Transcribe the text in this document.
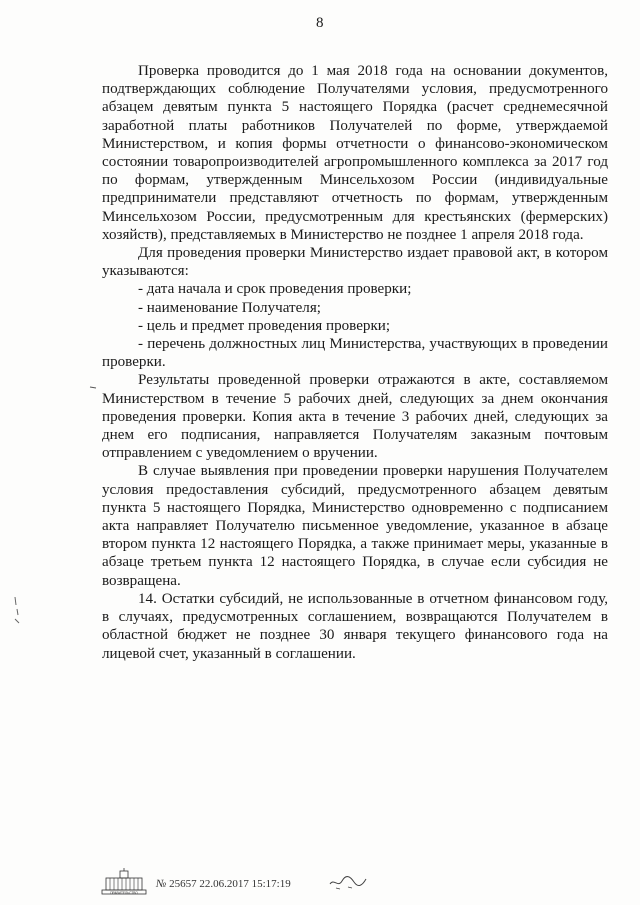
8

Проверка проводится до 1 мая 2018 года на основании документов, подтверждающих соблюдение Получателями условия, предусмотренного абзацем девятым пункта 5 настоящего Порядка (расчет среднемесячной заработной платы работников Получателей по форме, утверждаемой Министерством, и копия формы отчетности о финансово-экономическом состоянии товаропроизводителей агропромышленного комплекса за 2017 год по формам, утвержденным Минсельхозом России (индивидуальные предприниматели представляют отчетность по формам, утвержденным Минсельхозом России, предусмотренным для крестьянских (фермерских) хозяйств), представляемых в Министерство не позднее 1 апреля 2018 года.

Для проведения проверки Министерство издает правовой акт, в котором указываются:

- дата начала и срок проведения проверки;

- наименование Получателя;

- цель и предмет проведения проверки;

- перечень должностных лиц Министерства, участвующих в проведении проверки.

Результаты проведенной проверки отражаются в акте, составляемом Министерством в течение 5 рабочих дней, следующих за днем окончания проведения проверки. Копия акта в течение 3 рабочих дней, следующих за днем его подписания, направляется Получателям заказным почтовым отправлением с уведомлением о вручении.

В случае выявления при проведении проверки нарушения Получателем условия предоставления субсидий, предусмотренного абзацем девятым пункта 5 настоящего Порядка, Министерство одновременно с подписанием акта направляет Получателю письменное уведомление, указанное в абзаце втором пункта 12 настоящего Порядка, а также принимает меры, указанные в абзаце третьем пункта 12 настоящего Порядка, в случае если субсидия не возвращена.

14. Остатки субсидий, не использованные в отчетном финансовом году, в случаях, предусмотренных соглашением, возвращаются Получателем в областной бюджет не позднее 30 января текущего финансового года на лицевой счет, указанный в соглашении.

ПРАВИТЕЛЬСТВО
№ 25657 22.06.2017 15:17:19
